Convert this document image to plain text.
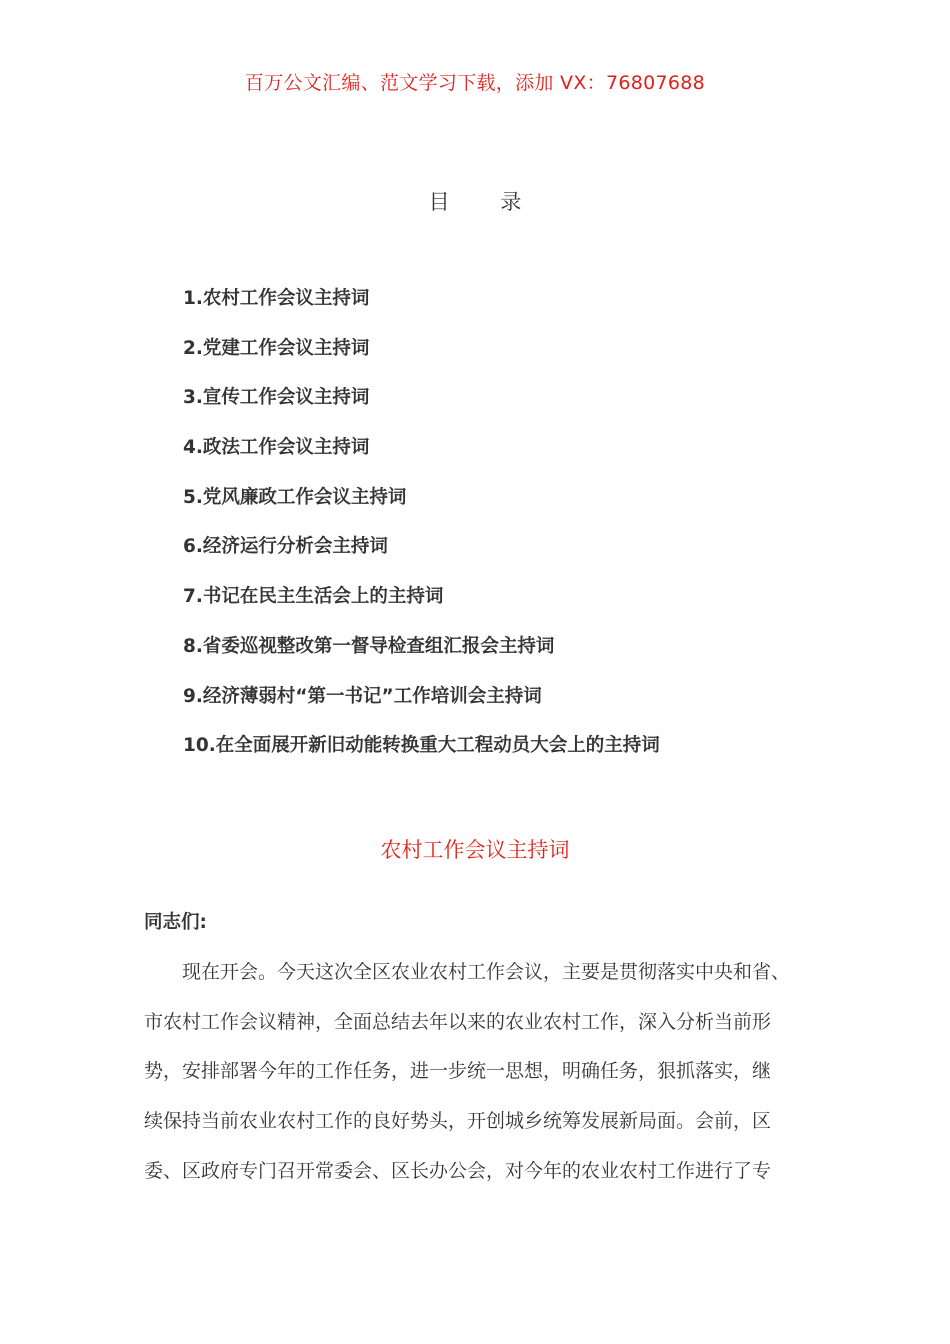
百万公文汇编、范文学习下载，添加 VX：76807688
目 录
1.农村工作会议主持词
2.党建工作会议主持词
3.宣传工作会议主持词
4.政法工作会议主持词
5.党风廉政工作会议主持词
6.经济运行分析会主持词
7.书记在民主生活会上的主持词
8.省委巡视整改第一督导检查组汇报会主持词
9.经济薄弱村“第一书记”工作培训会主持词
10.在全面展开新旧动能转换重大工程动员大会上的主持词
农村工作会议主持词
同志们:
现在开会。今天这次全区农业农村工作会议，主要是贯彻落实中央和省、
市农村工作会议精神，全面总结去年以来的农业农村工作，深入分析当前形
势，安排部署今年的工作任务，进一步统一思想，明确任务，狠抓落实，继
续保持当前农业农村工作的良好势头，开创城乡统筹发展新局面。会前，区
委、区政府专门召开常委会、区长办公会，对今年的农业农村工作进行了专
